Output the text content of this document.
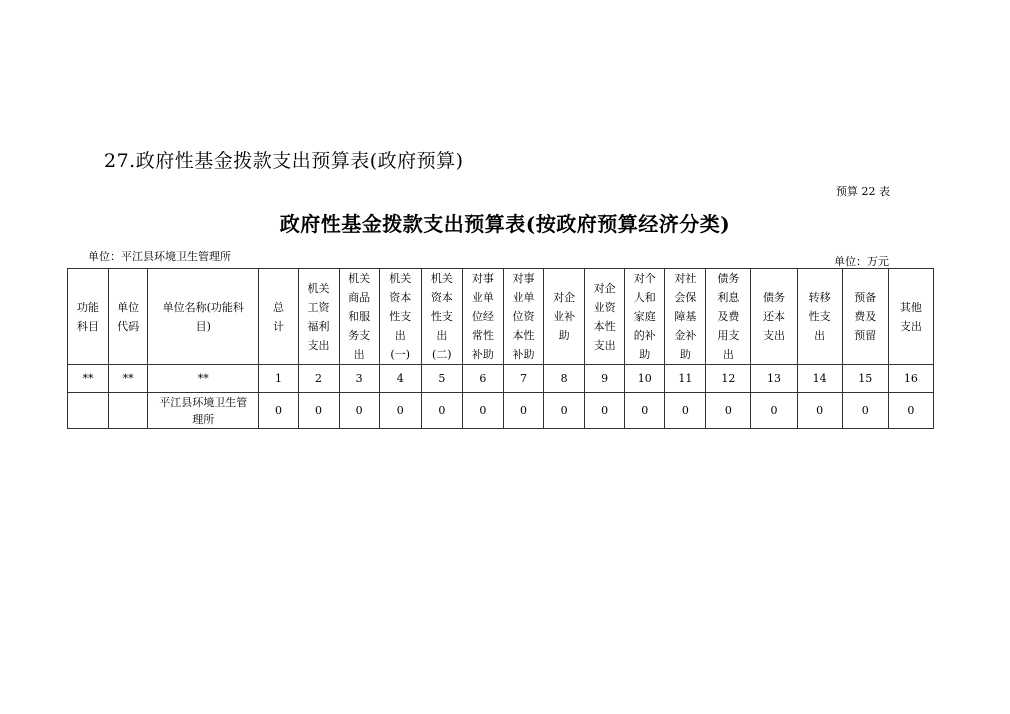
27.政府性基金拨款支出预算表(政府预算)
预算 22 表
政府性基金拨款支出预算表(按政府预算经济分类)
单位：平江县环境卫生管理所	单位：万元
功能科目	单位代码	单位名称(功能科目)	总计	机关工资福利支出	机关商品和服务支出	机关资本性支出(一)	机关资本性支出(二)	对事业单位经常性补助	对事业单位资本性补助	对企业补助	对企业资本性支出	对个人和家庭的补助	对社会保障基金补助	债务利息及费用支出	债务还本支出	转移性支出	预备费及预留	其他支出
**	**	**	1	2	3	4	5	6	7	8	9	10	11	12	13	14	15	16
		平江县环境卫生管理所	0	0	0	0	0	0	0	0	0	0	0	0	0	0	0	0
